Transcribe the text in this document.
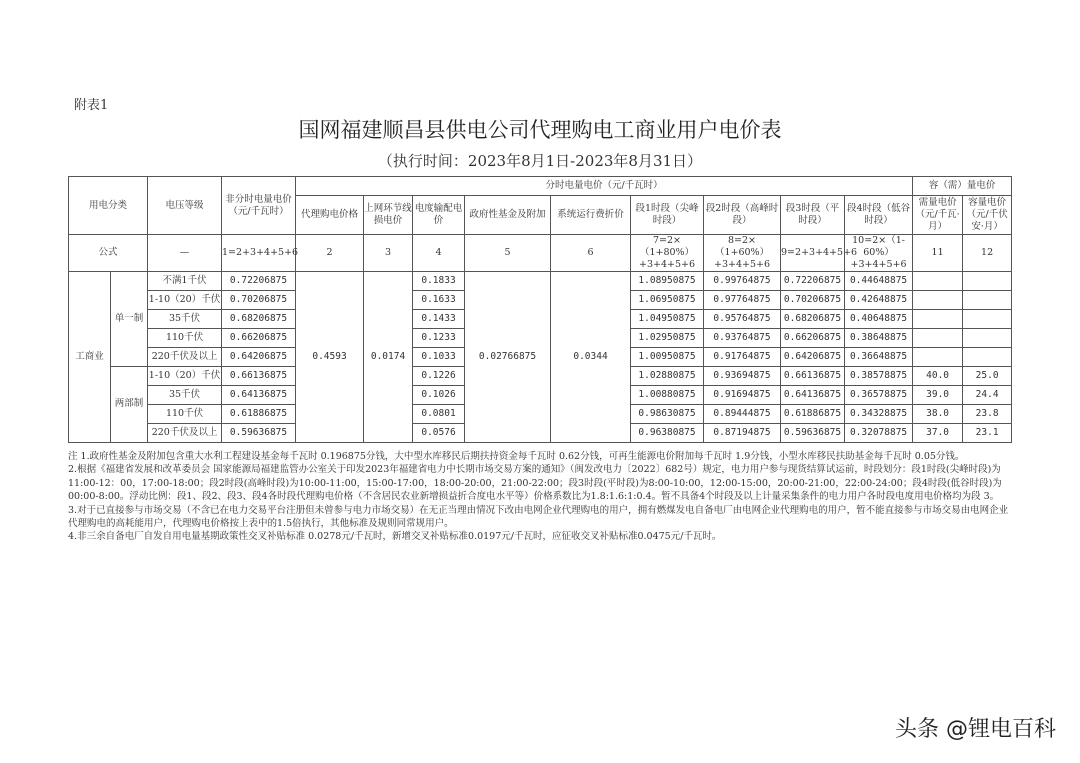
附表1
国网福建顺昌县供电公司代理购电工商业用户电价表
（执行时间：2023年8月1日-2023年8月31日）
用电分类		电压等级	非分时电量电价（元/千瓦时）	分时电量电价（元/千瓦时）									容（需）量电价	
				代理购电价格	上网环节线损电价	电度输配电价	政府性基金及附加	系统运行费折价	段1时段（尖峰时段）	段2时段（高峰时段）	段3时段（平时段）	段4时段（低谷时段）	需量电价（元/千瓦·月）	容量电价（元/千伏安·月）
公式		—	1=2+3+4+5+6	2	3	4	5	6	7=2×（1+80%）+3+4+5+6	8=2×（1+60%）+3+4+5+6	9=2+3+4+5+6	10=2×（1-60%）+3+4+5+6	11	12
工商业	单一制	不满1千伏	0.72206875	0.4593	0.0174	0.1833	0.02766875	0.0344	1.08950875	0.99764875	0.72206875	0.44648875		
		1-10（20）千伏	0.70206875			0.1633			1.06950875	0.97764875	0.70206875	0.42648875		
		35千伏	0.68206875			0.1433			1.04950875	0.95764875	0.68206875	0.40648875		
		110千伏	0.66206875			0.1233			1.02950875	0.93764875	0.66206875	0.38648875		
		220千伏及以上	0.64206875			0.1033			1.00950875	0.91764875	0.64206875	0.36648875		
	两部制	1-10（20）千伏	0.66136875			0.1226			1.02880875	0.93694875	0.66136875	0.38578875	40.0	25.0
		35千伏	0.64136875			0.1026			1.00880875	0.91694875	0.64136875	0.36578875	39.0	24.4
		110千伏	0.61886875			0.0801			0.98630875	0.89444875	0.61886875	0.34328875	38.0	23.8
		220千伏及以上	0.59636875			0.0576			0.96380875	0.87194875	0.59636875	0.32078875	37.0	23.1

注 1.政府性基金及附加包含重大水利工程建设基金每千瓦时 0.196875分钱，大中型水库移民后期扶持资金每千瓦时 0.62分钱，可再生能源电价附加每千瓦时 1.9分钱，小型水库移民扶助基金每千瓦时 0.05分钱。

2.根据《福建省发展和改革委员会 国家能源局福建监管办公室关于印发2023年福建省电力中长期市场交易方案的通知》（闽发改电力〔2022〕682号）规定，电力用户参与现货结算试运前，时段划分：段1时段(尖峰时段)为11:00-12：00，17:00-18:00；段2时段(高峰时段)为10:00-11:00，15:00-17:00，18:00-20:00，21:00-22:00；段3时段(平时段)为8:00-10:00，12:00-15:00，20:00-21:00，22:00-24:00；段4时段(低谷时段)为00:00-8:00。浮动比例：段1、段2、段3、段4各时段代理购电价格（不含居民农业新增损益折合度电水平等）价格系数比为1.8:1.6:1:0.4。暂不具备4个时段及以上计量采集条件的电力用户各时段电度用电价格均为段 3。

3.对于已直接参与市场交易（不含已在电力交易平台注册但未曾参与电力市场交易）在无正当理由情况下改由电网企业代理购电的用户，拥有燃煤发电自备电厂由电网企业代理购电的用户，暂不能直接参与市场交易由电网企业代理购电的高耗能用户，代理购电价格按上表中的1.5倍执行，其他标准及规则同常规用户。

4.非三余自备电厂自发自用电量基期政策性交叉补贴标准 0.0278元/千瓦时，新增交叉补贴标准0.0197元/千瓦时，应征收交叉补贴标准0.0475元/千瓦时。

头条 @锂电百科
